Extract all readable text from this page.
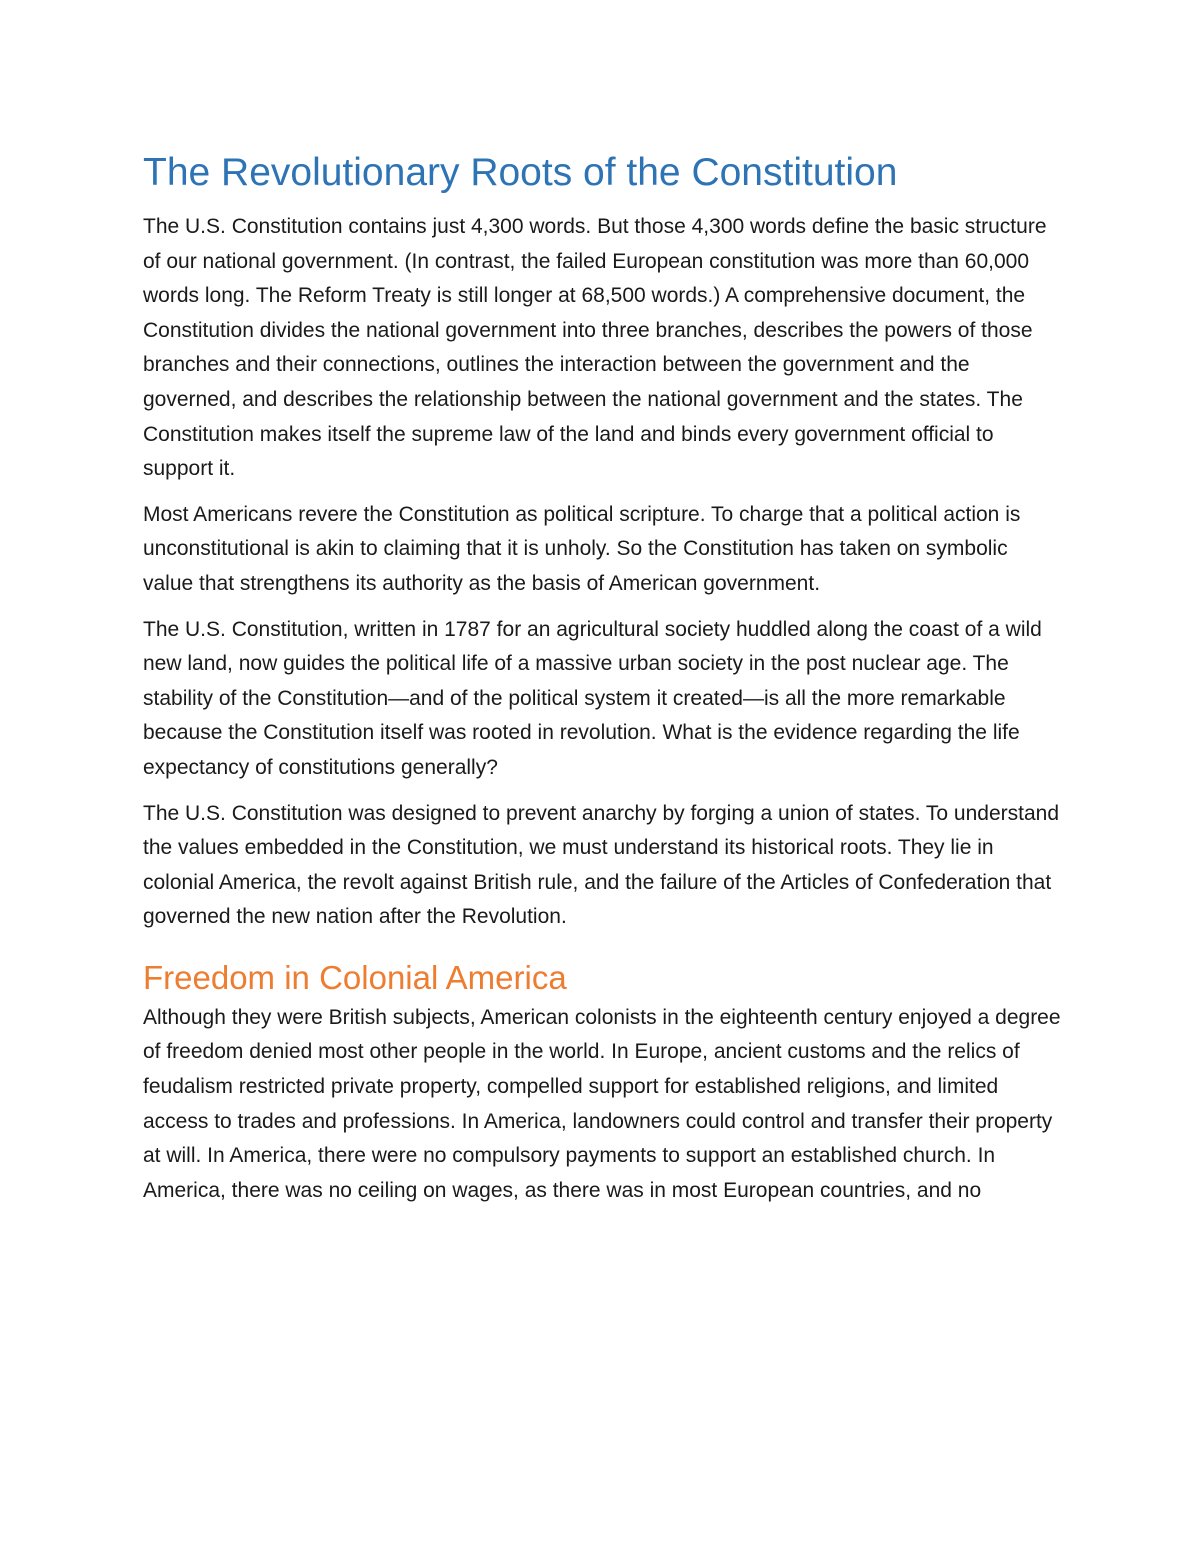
The Revolutionary Roots of the Constitution

The U.S. Constitution contains just 4,300 words. But those 4,300 words define the basic structure of our national government. (In contrast, the failed European constitution was more than 60,000 words long. The Reform Treaty is still longer at 68,500 words.) A comprehensive document, the Constitution divides the national government into three branches, describes the powers of those branches and their connections, outlines the interaction between the government and the governed, and describes the relationship between the national government and the states. The Constitution makes itself the supreme law of the land and binds every government official to support it.

Most Americans revere the Constitution as political scripture. To charge that a political action is unconstitutional is akin to claiming that it is unholy. So the Constitution has taken on symbolic value that strengthens its authority as the basis of American government.

The U.S. Constitution, written in 1787 for an agricultural society huddled along the coast of a wild new land, now guides the political life of a massive urban society in the post nuclear age. The stability of the Constitution—and of the political system it created—is all the more remarkable because the Constitution itself was rooted in revolution. What is the evidence regarding the life expectancy of constitutions generally?

The U.S. Constitution was designed to prevent anarchy by forging a union of states. To understand the values embedded in the Constitution, we must understand its historical roots. They lie in colonial America, the revolt against British rule, and the failure of the Articles of Confederation that governed the new nation after the Revolution.

Freedom in Colonial America

Although they were British subjects, American colonists in the eighteenth century enjoyed a degree of freedom denied most other people in the world. In Europe, ancient customs and the relics of feudalism restricted private property, compelled support for established religions, and limited access to trades and professions. In America, landowners could control and transfer their property at will. In America, there were no compulsory payments to support an established church. In America, there was no ceiling on wages, as there was in most European countries, and no
